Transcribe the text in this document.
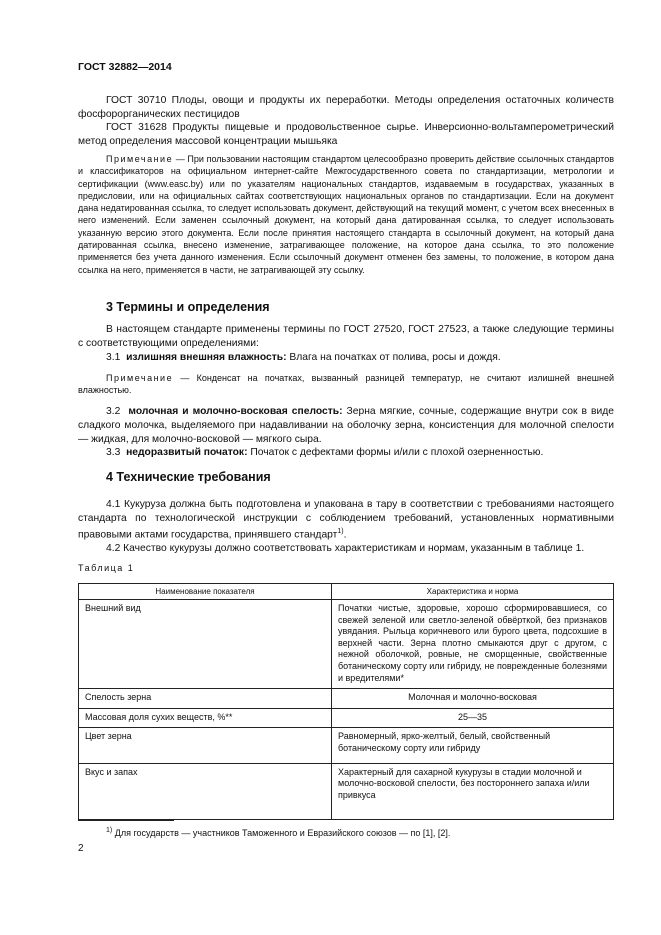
ГОСТ 32882—2014

ГОСТ 30710 Плоды, овощи и продукты их переработки. Методы определения остаточных количеств фосфорорганических пестицидов

ГОСТ 31628 Продукты пищевые и продовольственное сырье. Инверсионно-вольтамперометрический метод определения массовой концентрации мышьяка

Примечание — При пользовании настоящим стандартом целесообразно проверить действие ссылочных стандартов и классификаторов на официальном интернет-сайте Межгосударственного совета по стандартизации, метрологии и сертификации (www.easc.by) или по указателям национальных стандартов, издаваемым в государствах, указанных в предисловии, или на официальных сайтах соответствующих национальных органов по стандартизации. Если на документ дана недатированная ссылка, то следует использовать документ, действующий на текущий момент, с учетом всех внесенных в него изменений. Если заменен ссылочный документ, на который дана датированная ссылка, то следует использовать указанную версию этого документа. Если после принятия настоящего стандарта в ссылочный документ, на который дана датированная ссылка, внесено изменение, затрагивающее положение, на которое дана ссылка, то это положение применяется без учета данного изменения. Если ссылочный документ отменен без замены, то положение, в котором дана ссылка на него, применяется в части, не затрагивающей эту ссылку.

3 Термины и определения

В настоящем стандарте применены термины по ГОСТ 27520, ГОСТ 27523, а также следующие термины с соответствующими определениями:

3.1 излишняя внешняя влажность: Влага на початках от полива, росы и дождя.

Примечание — Конденсат на початках, вызванный разницей температур, не считают излишней внешней влажностью.

3.2 молочная и молочно-восковая спелость: Зерна мягкие, сочные, содержащие внутри сок в виде сладкого молочка, выделяемого при надавливании на оболочку зерна, консистенция для молочной спелости — жидкая, для молочно-восковой — мягкого сыра.

3.3 недоразвитый початок: Початок с дефектами формы и/или с плохой озерненностью.

4 Технические требования

4.1 Кукуруза должна быть подготовлена и упакована в тару в соответствии с требованиями настоящего стандарта по технологической инструкции с соблюдением требований, установленных нормативными правовыми актами государства, принявшего стандарт$^{1)}$.

4.2 Качество кукурузы должно соответствовать характеристикам и нормам, указанным в таблице 1.

Таблица 1
Наименование показателя	Характеристика и норма
Внешний вид	Початки чистые, здоровые, хорошо сформировавшиеся, со свежей зеленой или светло-зеленой обвёрткой, без признаков увядания. Рыльца коричневого или бурого цвета, подсохшие в верхней части. Зерна плотно смыкаются друг с другом, с нежной оболочкой, ровные, не сморщенные, свойственные ботаническому сорту или гибриду, не поврежденные болезнями и вредителями*
Спелость зерна	Молочная и молочно-восковая
Массовая доля сухих веществ, %**	25—35
Цвет зерна	Равномерный, ярко-желтый, белый, свойственный ботаническому сорту или гибриду
Вкус и запах	Характерный для сахарной кукурузы в стадии молочной и молочно-восковой спелости, без постороннего запаха и/или привкуса
$^{1)}$ Для государств — участников Таможенного и Евразийского союзов — по [1], [2].
2
